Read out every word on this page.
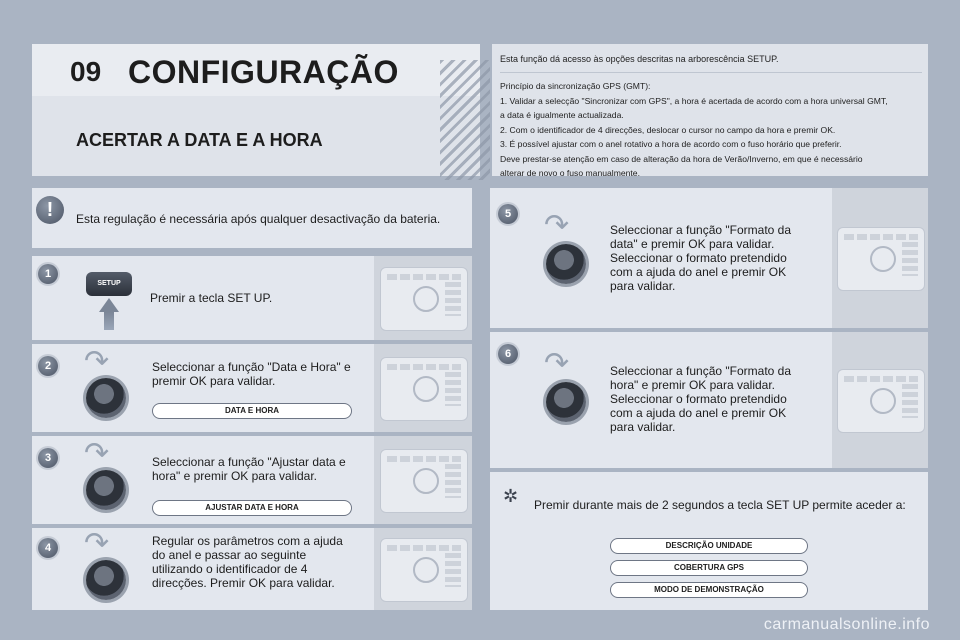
09 CONFIGURAÇÃO
ACERTAR A DATA E A HORA
Esta função dá acesso às opções descritas na arborescência SETUP.
Princípio da sincronização GPS (GMT):
1. Validar a selecção "Sincronizar com GPS", a hora é acertada de acordo com a hora universal GMT,
a data é igualmente actualizada.
2. Com o identificador de 4 direcções, deslocar o cursor no campo da hora e premir OK.
3. É possível ajustar com o anel rotativo a hora de acordo com o fuso horário que preferir.
Deve prestar-se atenção em caso de alteração da hora de Verão/Inverno, em que é necessário
alterar de novo o fuso manualmente.
!	Esta regulação é necessária após qualquer desactivação da bateria.
1
SETUP
Premir a tecla SET UP.
2 ↷	Seleccionar a função "Data e Hora" e premir OK para validar.
DATA E HORA
3 ↷	Seleccionar a função "Ajustar data e hora" e premir OK para validar.
AJUSTAR DATA E HORA
4 ↷	Regular os parâmetros com a ajuda do anel e passar ao seguinte utilizando o identificador de 4 direcções. Premir OK para validar.
5 ↷	Seleccionar a função "Formato da data" e premir OK para validar. Seleccionar o formato pretendido com a ajuda do anel e premir OK para validar.
6 ↷	Seleccionar a função "Formato da hora" e premir OK para validar. Seleccionar o formato pretendido com a ajuda do anel e premir OK para validar.
✲ Premir durante mais de 2 segundos a tecla SET UP permite aceder a:
DESCRIÇÃO UNIDADE
COBERTURA GPS
MODO DE DEMONSTRAÇÃO
carmanualsonline.info
